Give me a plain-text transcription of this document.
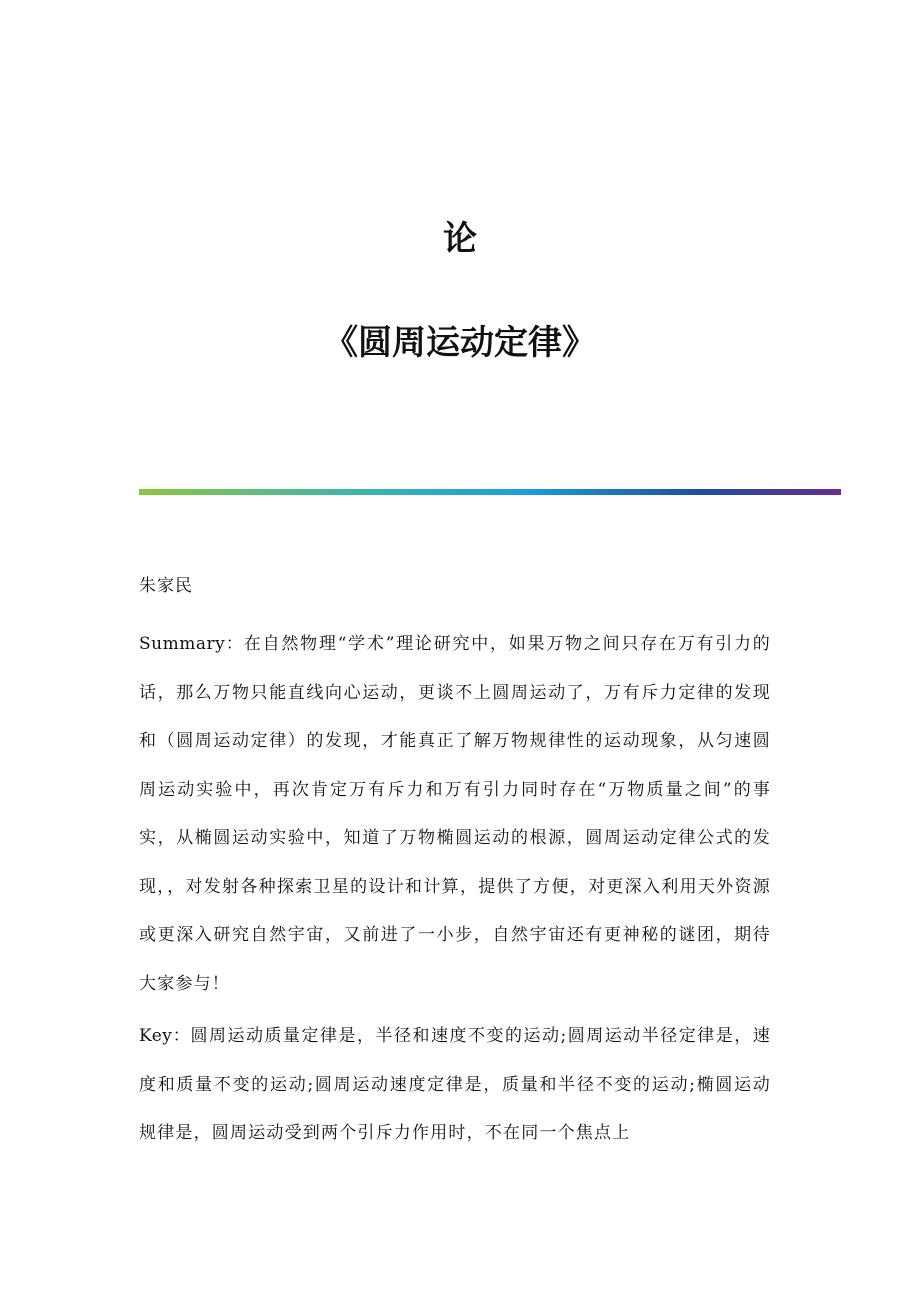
论
《圆周运动定律》
朱家民
Summary：在自然物理“学术”理论研究中，如果万物之间只存在万有引力的话，那么万物只能直线向心运动，更谈不上圆周运动了，万有斥力定律的发现和（圆周运动定律）的发现，才能真正了解万物规律性的运动现象，从匀速圆周运动实验中，再次肯定万有斥力和万有引力同时存在“万物质量之间”的事实，从椭圆运动实验中，知道了万物椭圆运动的根源，圆周运动定律公式的发现，，对发射各种探索卫星的设计和计算，提供了方便，对更深入利用天外资源或更深入研究自然宇宙，又前进了一小步，自然宇宙还有更神秘的谜团，期待大家参与！
Key：圆周运动质量定律是，半径和速度不变的运动;圆周运动半径定律是，速度和质量不变的运动;圆周运动速度定律是，质量和半径不变的运动;椭圆运动规律是，圆周运动受到两个引斥力作用时，不在同一个焦点上
